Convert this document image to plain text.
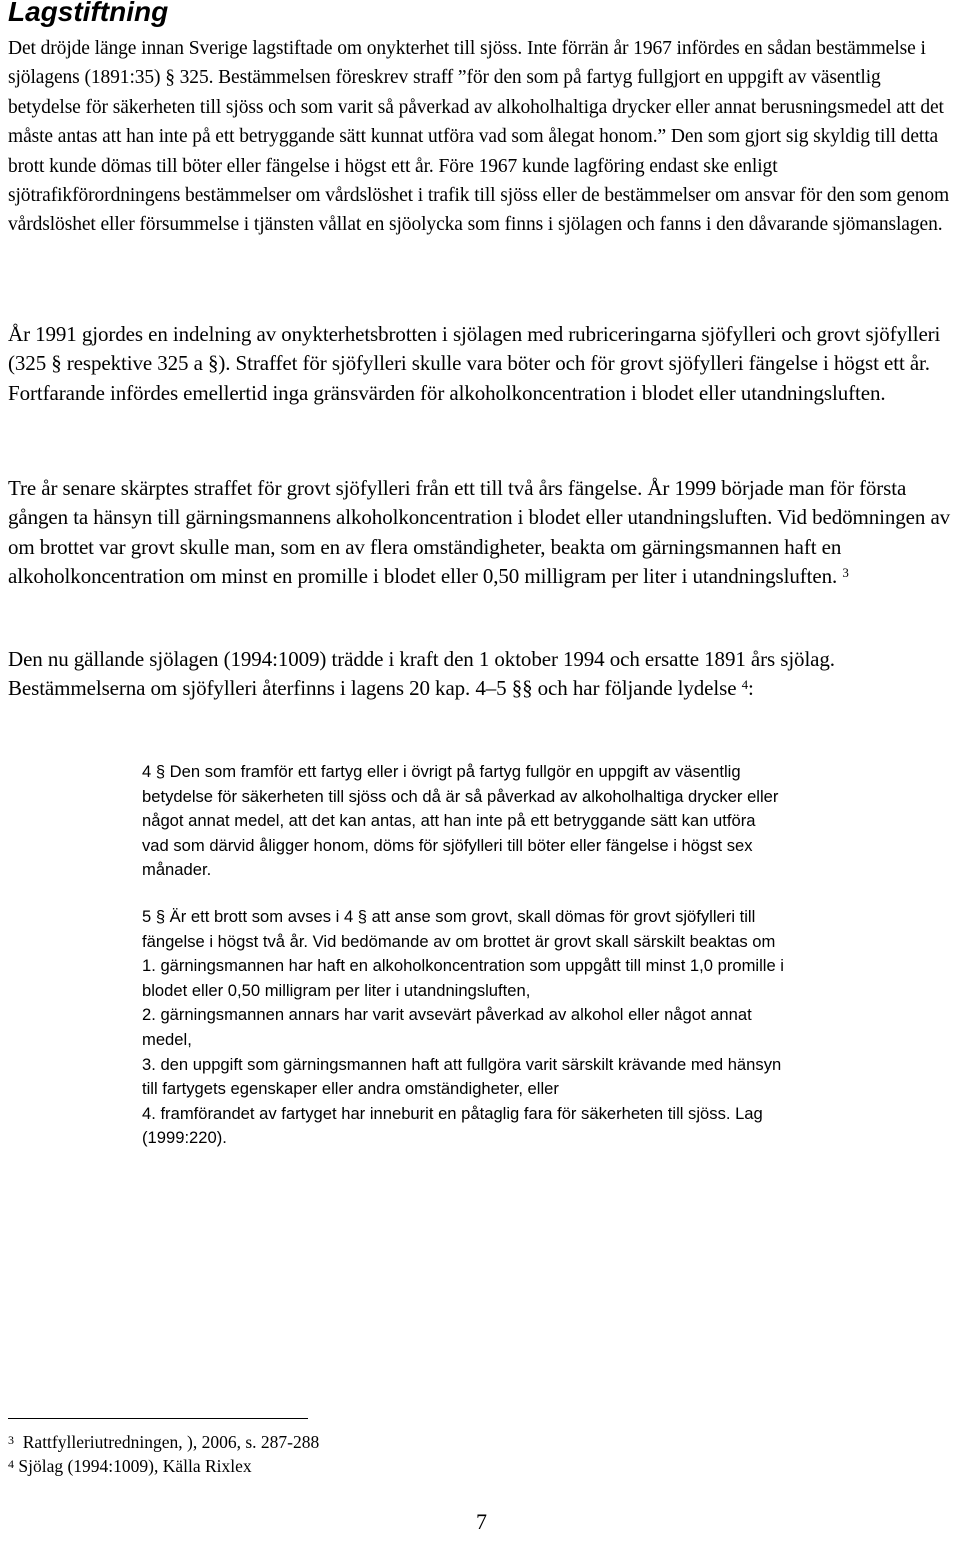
Lagstiftning

Det dröjde länge innan Sverige lagstiftade om onykterhet till sjöss. Inte förrän år 1967 infördes en sådan bestämmelse i sjölagens (1891:35) § 325. Bestämmelsen föreskrev straff ”för den som på fartyg fullgjort en uppgift av väsentlig betydelse för säkerheten till sjöss och som varit så påverkad av alkoholhaltiga drycker eller annat berusningsmedel att det måste antas att han inte på ett betryggande sätt kunnat utföra vad som ålegat honom.” Den som gjort sig skyldig till detta brott kunde dömas till böter eller fängelse i högst ett år. Före 1967 kunde lagföring endast ske enligt sjötrafikförordningens bestämmelser om vårdslöshet i trafik till sjöss eller de bestämmelser om ansvar för den som genom vårdslöshet eller försummelse i tjänsten vållat en sjöolycka som finns i sjölagen och fanns i den dåvarande sjömanslagen.

År 1991 gjordes en indelning av onykterhetsbrotten i sjölagen med rubriceringarna sjöfylleri och grovt sjöfylleri (325 § respektive 325 a §). Straffet för sjöfylleri skulle vara böter och för grovt sjöfylleri fängelse i högst ett år. Fortfarande infördes emellertid inga gränsvärden för alkoholkoncentration i blodet eller utandningsluften.

Tre år senare skärptes straffet för grovt sjöfylleri från ett till två års fängelse. År 1999 började man för första gången ta hänsyn till gärningsmannens alkoholkoncentration i blodet eller utandningsluften. Vid bedömningen av om brottet var grovt skulle man, som en av flera omständigheter, beakta om gärningsmannen haft en alkoholkoncentration om minst en promille i blodet eller 0,50 milligram per liter i utandningsluften. $^3$

Den nu gällande sjölagen (1994:1009) trädde i kraft den 1 oktober 1994 och ersatte 1891 års sjölag. Bestämmelserna om sjöfylleri återfinns i lagens 20 kap. 4–5 §§ och har följande lydelse $^4$:

4 § Den som framför ett fartyg eller i övrigt på fartyg fullgör en uppgift av väsentlig
betydelse för säkerheten till sjöss och då är så påverkad av alkoholhaltiga drycker eller
något annat medel, att det kan antas, att han inte på ett betryggande sätt kan utföra
vad som därvid åligger honom, döms för sjöfylleri till böter eller fängelse i högst sex
månader.
5 § Är ett brott som avses i 4 § att anse som grovt, skall dömas för grovt sjöfylleri till
fängelse i högst två år. Vid bedömande av om brottet är grovt skall särskilt beaktas om
1. gärningsmannen har haft en alkoholkoncentration som uppgått till minst 1,0 promille i
blodet eller 0,50 milligram per liter i utandningsluften,
2. gärningsmannen annars har varit avsevärt påverkad av alkohol eller något annat
medel,
3. den uppgift som gärningsmannen haft att fullgöra varit särskilt krävande med hänsyn
till fartygets egenskaper eller andra omständigheter, eller
4. framförandet av fartyget har inneburit en påtaglig fara för säkerheten till sjöss. Lag
(1999:220).

$^3$ Rattfylleriutredningen, ), 2006, s. 287-288

$^4$ Sjölag (1994:1009), Källa Rixlex

7
